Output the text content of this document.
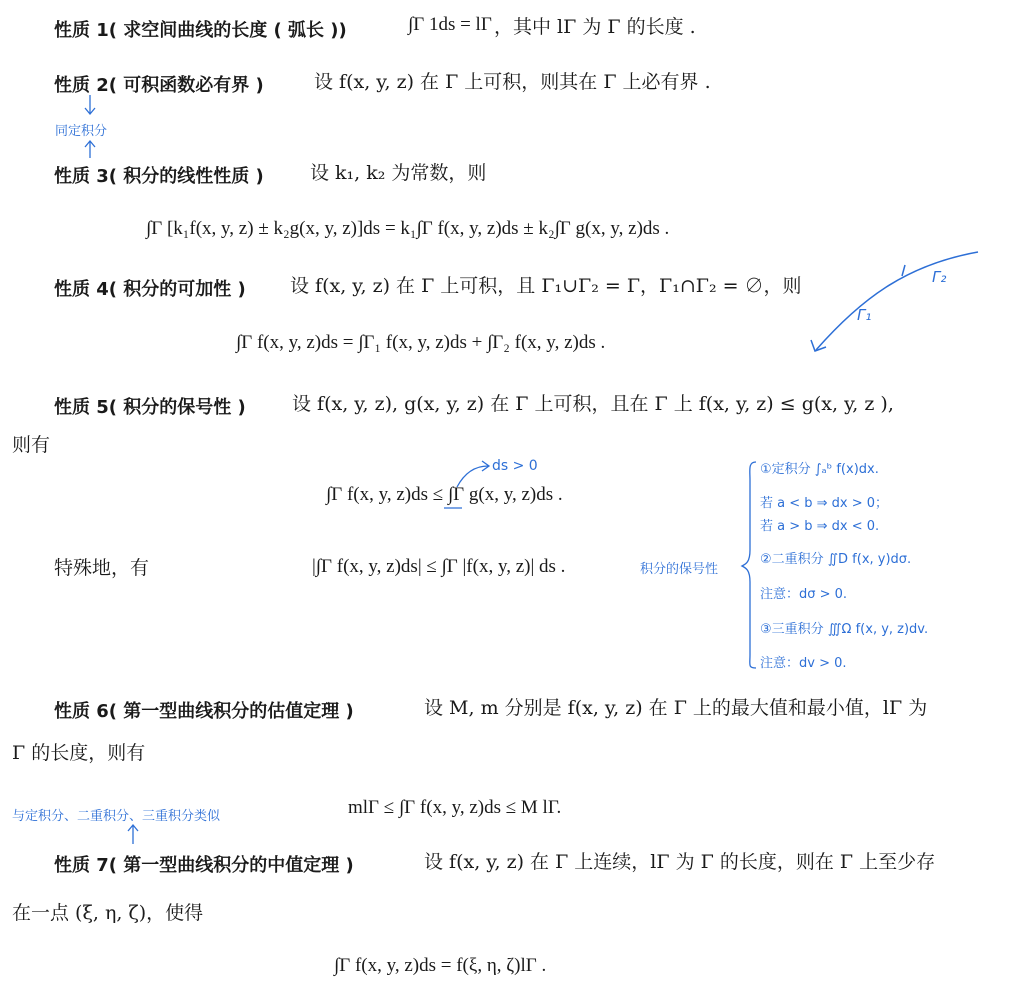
性质 1( 求空间曲线的长度 ( 弧长 ))	∫Γ 1ds = lΓ ，其中 lΓ 为 Γ 的长度 .
性质 2( 可积函数必有界 )	设 f(x, y, z) 在 Γ 上可积，则其在 Γ 上必有界 .
同定积分
性质 3( 积分的线性性质 ) 设 k₁, k₂ 为常数，则
∫Γ [k₁f(x, y, z) ± k₂g(x, y, z)]ds = k₁∫Γ f(x, y, z)ds ± k₂∫Γ g(x, y, z)ds .
性质 4( 积分的可加性 ) 设 f(x, y, z) 在 Γ 上可积，且 Γ₁∪Γ₂ = Γ，Γ₁∩Γ₂ = ∅，则
∫Γ f(x, y, z)ds = ∫Γ₁ f(x, y, z)ds + ∫Γ₂ f(x, y, z)ds .
Γ₂
Γ₁
性质 5( 积分的保号性 ) 设 f(x, y, z), g(x, y, z) 在 Γ 上可积，且在 Γ 上 f(x, y, z) ≤ g(x, y, z ),
则有
∫Γ f(x, y, z)ds ≤ ∫Γ g(x, y, z)ds .
ds > 0
特殊地，有	|∫Γ f(x, y, z)ds| ≤ ∫Γ |f(x, y, z)| ds .	积分的保号性
①定积分 ∫ₐᵇ f(x)dx.
若 a < b ⇒ dx > 0；
若 a > b ⇒ dx < 0.
②二重积分 ∬D f(x, y)dσ.
注意：dσ > 0.
③三重积分 ∭Ω f(x, y, z)dv.
注意：dv > 0.
性质 6( 第一型曲线积分的估值定理 )	设 M, m 分别是 f(x, y, z) 在 Γ 上的最大值和最小值，lΓ 为
Γ 的长度，则有
mlΓ ≤ ∫Γ f(x, y, z)ds ≤ M lΓ.
与定积分、二重积分、三重积分类似
性质 7( 第一型曲线积分的中值定理 )	设 f(x, y, z) 在 Γ 上连续，lΓ 为 Γ 的长度，则在 Γ 上至少存
在一点 (ξ, η, ζ)，使得
∫Γ f(x, y, z)ds = f(ξ, η, ζ)lΓ .
